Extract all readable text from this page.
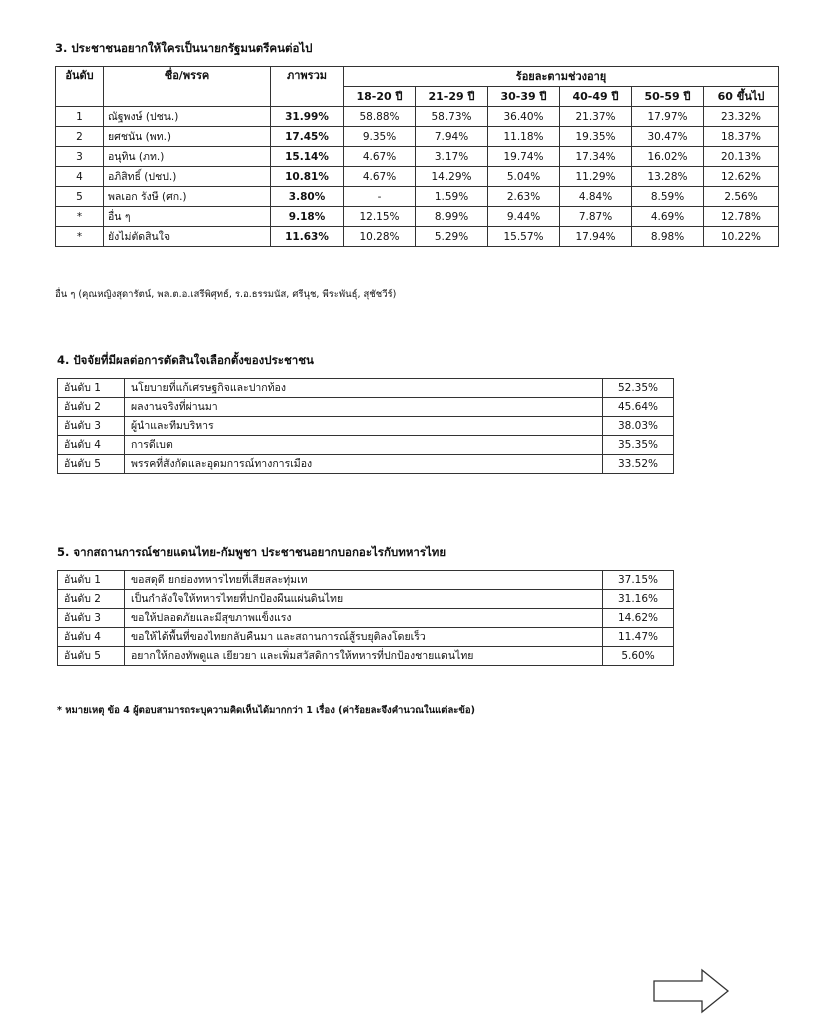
3. ประชาชนอยากให้ใครเป็นนายกรัฐมนตรีคนต่อไป
อันดับ	ชื่อ/พรรค	ภาพรวม	ร้อยละตามช่วงอายุ					
			18-20 ปี	21-29 ปี	30-39 ปี	40-49 ปี	50-59 ปี	60 ขึ้นไป
1	ณัฐพงษ์ (ปชน.)	31.99%	58.88%	58.73%	36.40%	21.37%	17.97%	23.32%
2	ยศชนัน (พท.)	17.45%	9.35%	7.94%	11.18%	19.35%	30.47%	18.37%
3	อนุทิน (ภท.)	15.14%	4.67%	3.17%	19.74%	17.34%	16.02%	20.13%
4	อภิสิทธิ์ (ปชป.)	10.81%	4.67%	14.29%	5.04%	11.29%	13.28%	12.62%
5	พลเอก รังษี (ศก.)	3.80%	-	1.59%	2.63%	4.84%	8.59%	2.56%
*	อื่น ๆ	9.18%	12.15%	8.99%	9.44%	7.87%	4.69%	12.78%
*	ยังไม่ตัดสินใจ	11.63%	10.28%	5.29%	15.57%	17.94%	8.98%	10.22%
อื่น ๆ (คุณหญิงสุดารัตน์, พล.ต.อ.เสรีพิศุทธ์, ร.อ.ธรรมนัส, ศรีนุช, พีระพันธุ์, สุชัชวีร์)
4. ปัจจัยที่มีผลต่อการตัดสินใจเลือกตั้งของประชาชน
อันดับ 1	นโยบายที่แก้เศรษฐกิจและปากท้อง	52.35%
อันดับ 2	ผลงานจริงที่ผ่านมา	45.64%
อันดับ 3	ผู้นำและทีมบริหาร	38.03%
อันดับ 4	การดีเบต	35.35%
อันดับ 5	พรรคที่สังกัดและอุดมการณ์ทางการเมือง	33.52%
5. จากสถานการณ์ชายแดนไทย-กัมพูชา ประชาชนอยากบอกอะไรกับทหารไทย
อันดับ 1	ขอสดุดี ยกย่องทหารไทยที่เสียสละทุ่มเท	37.15%
อันดับ 2	เป็นกำลังใจให้ทหารไทยที่ปกป้องผืนแผ่นดินไทย	31.16%
อันดับ 3	ขอให้ปลอดภัยและมีสุขภาพแข็งแรง	14.62%
อันดับ 4	ขอให้ได้พื้นที่ของไทยกลับคืนมา และสถานการณ์สู้รบยุติลงโดยเร็ว	11.47%
อันดับ 5	อยากให้กองทัพดูแล เยียวยา และเพิ่มสวัสดิการให้ทหารที่ปกป้องชายแดนไทย	5.60%
* หมายเหตุ ข้อ 4 ผู้ตอบสามารถระบุความคิดเห็นได้มากกว่า 1 เรื่อง (ค่าร้อยละจึงคำนวณในแต่ละข้อ)
